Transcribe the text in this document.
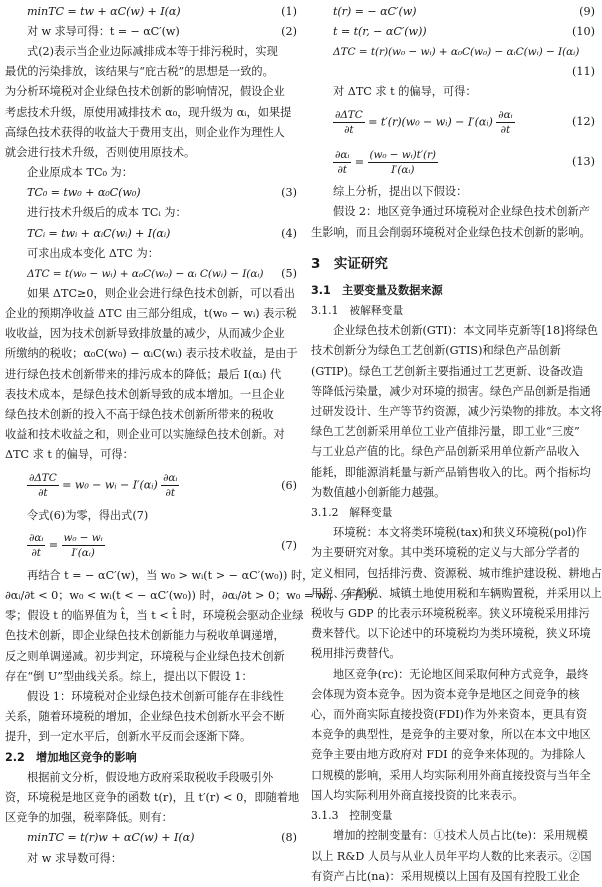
minTC = tw + αC(w) + I(α)	(1)
对 w 求导可得：t = − αC′(w)	(2)
式(2)表示当企业边际减排成本等于排污税时，实现
最优的污染排放，该结果与“庇古税”的思想是一致的。
为分析环境税对企业绿色技术创新的影响情况，假设企业
考虑技术升级，原使用减排技术 α₀，现升级为 αᵢ，如果提
高绿色技术获得的收益大于费用支出，则企业作为理性人
就会进行技术升级，否则使用原技术。
企业原成本 TC₀ 为：
TC₀ = tw₀ + α₀C(w₀)	(3)
进行技术升级后的成本 TCᵢ 为：
TCᵢ = twᵢ + αᵢC(wᵢ) + I(αᵢ)	(4)
可求出成本变化 ΔTC 为：
ΔTC = t(w₀ − wᵢ) + α₀C(w₀) − αᵢ C(wᵢ) − I(αᵢ)	(5)
如果 ΔTC≥0，则企业会进行绿色技术创新，可以看出
企业的预期净收益 ΔTC 由三部分组成，t(w₀ − wᵢ) 表示税
收收益，因为技术创新导致排放量的减少，从而减少企业
所缴纳的税收；α₀C(w₀) − αᵢC(wᵢ) 表示技术收益，是由于
进行绿色技术创新带来的排污成本的降低；最后 I(αᵢ) 代
表技术成本，是绿色技术创新导致的成本增加。一旦企业
绿色技术创新的投入不高于绿色技术创新所带来的税收
收益和技术收益之和，则企业可以实施绿色技术创新。对
ΔTC 求 t 的偏导，可得：
$\frac{\text{∂ΔTC}}{\partial t} = w_0$ − wᵢ − I′(αᵢ) $\frac{\text{∂αᵢ}}{\partial t}$	(6)
令式(6)为零，得出式(7)
$\frac{\text{∂αᵢ}}{\partial t} = \frac{\text{w₀ − wᵢ}}{\text{I′(αᵢ)}}$	(7)
再结合 t = − αC′(w)，当 w₀ > wᵢ(t > − αC′(w₀)) 时，
∂αᵢ/∂t < 0；w₀ < wᵢ(t < − αC′(w₀)) 时，∂αᵢ/∂t > 0；w₀ = wᵢ，分子为
零；假设 t 的临界值为 t̂，当 t < t̂ 时，环境税会驱动企业绿
色技术创新，即企业绿色技术创新能力与税收单调递增，
反之则单调递减。初步判定，环境税与企业绿色技术创新
存在“倒 U”型曲线关系。综上，提出以下假设 1：
假设 1：环境税对企业绿色技术创新可能存在非线性
关系，随着环境税的增加，企业绿色技术创新水平会不断
提升，到一定水平后，创新水平反而会逐渐下降。
2.2　增加地区竞争的影响
根据前文分析，假设地方政府采取税收手段吸引外
资，环境税是地区竞争的函数 t(r)，且 t′(r) < 0，即随着地
区竞争的加强，税率降低。则有：
minTC = t(r)w + αC(w) + I(α)	(8)
对 w 求导数可得：
t(r) = − αC′(w)	(9)
t = t(r, − αC′(w))	(10)
ΔTC = t(r)(w₀ − wᵢ) + α₀C(w₀) − αᵢC(wᵢ) − I(αᵢ)
(11)
对 ΔTC 求 t 的偏导，可得：
$\frac{\text{∂ΔTC}}{\partial t} = t'(r)(w_0$ − wᵢ) − I′(αᵢ) $\frac{\text{∂αᵢ}}{\partial t}$	(12)
$\frac{\text{∂αᵢ}}{\partial t} = \frac{\text{(w₀ − wᵢ)t′(r)}}{\text{I′(αᵢ)}}$	(13)
综上分析，提出以下假设：
假设 2：地区竞争通过环境税对企业绿色技术创新产
生影响，而且会削弱环境税对企业绿色技术创新的影响。
3　实证研究
3.1　主要变量及数据来源
3.1.1　被解释变量
企业绿色技术创新(GTI)：本文同毕克新等[18]将绿色
技术创新分为绿色工艺创新(GTIS)和绿色产品创新
(GTIP)。绿色工艺创新主要指通过工艺更新、设备改造
等降低污染量，减少对环境的损害。绿色产品创新是指通
过研发设计、生产等节约资源，减少污染物的排放。本文将
绿色工艺创新采用单位工业产值排污量，即工业“三废”
与工业总产值的比。绿色产品创新采用单位新产品收入
能耗，即能源消耗量与新产品销售收入的比。两个指标均
为数值越小创新能力越强。
3.1.2　解释变量
环境税：本文将类环境税(tax)和狭义环境税(pol)作
为主要研究对象。其中类环境税的定义与大部分学者的
定义相同，包括排污费、资源税、城市维护建设税、耕地占
用税、车船税、城镇土地使用税和车辆购置税，并采用以上
税收与 GDP 的比表示环境税税率。狭义环境税采用排污
费来替代。以下论述中的环境税均为类环境税，狭义环境
税用排污费替代。
地区竞争(rc)：无论地区间采取何种方式竞争，最终
会体现为资本竞争。因为资本竞争是地区之间竞争的核
心，而外商实际直接投资(FDI)作为外来资本，更具有资
本竞争的典型性，是竞争的主要对象，所以在本文中地区
竞争主要由地方政府对 FDI 的竞争来体现的。为排除人
口规模的影响，采用人均实际利用外商直接投资与当年全
国人均实际利用外商直接投资的比来表示。
3.1.3　控制变量
增加的控制变量有：①技术人员占比(te)：采用规模
以上 R&D 人员与从业人员年平均人数的比来表示。②国
有资产占比(na)：采用规模以上国有及国有控股工业企
